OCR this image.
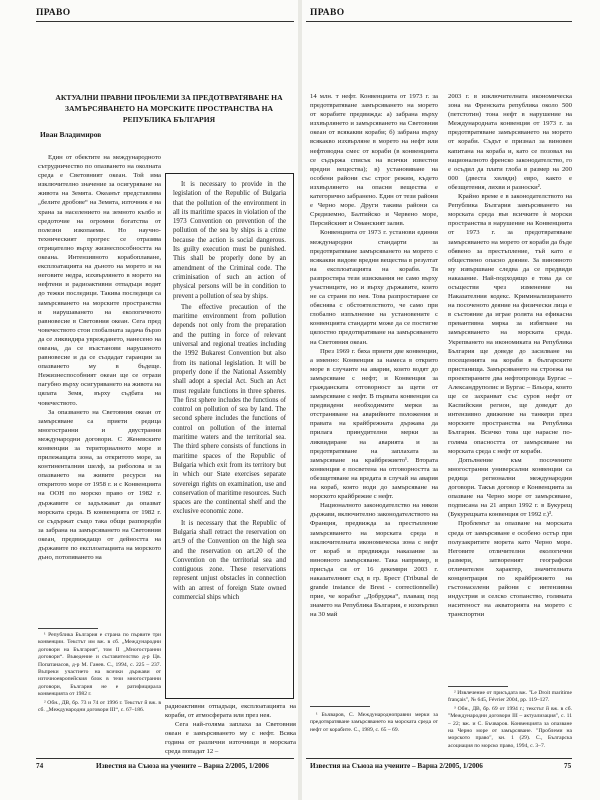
ПРАВО
АКТУАЛНИ ПРАВНИ ПРОБЛЕМИ ЗА ПРЕДОТВРАТЯВАНЕ НА ЗАМЪРСЯВАНЕТО НА МОРСКИТЕ ПРОСТРАНСТВА НА РЕПУБЛИКА БЪЛГАРИЯ
Иван Владимиров

Един от обектите на международното сътрудничество по опазването на околната среда е Световният океан. Той има изключително значение за осигуряване на живота на Земята. Океанът представлява „белите дробове“ на Земята, източник е на храна за населението на земното кълбо и средоточие на огромни богатства от полезни изкопаеми. Но научно-техническият прогрес се отразява отрицателно върху жизнеспособността на океана. Интензивното корабоплаване, експлоатацията на дъното на морето и на неговите недра, изхвърлянето в морето на нефтени и радиоактивни отпадъци водят до тежки последици. Такива последици са замърсяването на морските пространства и нарушаването на екологичното равновесие в Световния океан. Сега пред човечеството стои глобалната задача бързо да се ликвидира увреждането, нанесено на океана, да се възстанови нарушеното равновесие и да се създадат гаранции за опазването му в бъдеще. Нежизнеспособният океан ще се отрази пагубно върху осигуряването на живота на цялата Земя, върху съдбата на човечеството.

За опазването на Световния океан от замърсяване са приети редица многостранни и двустранни международни договори. С Женевските конвенции за териториалното море и прилежащата зона, за откритото море, за континенталния шелф, за риболова и за опазването на живите ресурси на откритото море от 1958 г. и с Конвенцията на ООН по морско право от 1982 г. държавите се задължават да опазват морската среда. В конвенцията от 1982 г. се съдържат също така общи разпоредби за забрана на замърсяването на Световния океан, предвиждащо от дейността на държавите по експлоатацията на морското дъно, потопяването на

It is necessary to provide in the legislation of the Republic of Bulgaria that the pollution of the environment in all its maritime spaces in violation of the 1973 Convention on prevention of the pollution of the sea by ships is a crime because the action is social dangerous. Its guilty execution must be punished. This shall be properly done by an amendment of the Criminal code. The criminisation of such an action of physical persons will be in condition to prevent a pollution of sea by ships.

The effective precaution of the maritime environment from pollution depends not only from the preparation and the putting in force of relevant universal and regional treaties including the 1992 Bukarest Convention but also from its national legislation. It will be properly done if the National Assembly shall adopt a special Act. Such an Act must regulate functions in three spheres. The first sphere includes the functions of control on pollution of sea by land. The second sphere includes the functions of control on pollution of the internal maritime waters and the territorial sea. The third sphere consists of functions in maritime spaces of the Republic of Bulgaria which exit from its territory but in which our State exercises separate sovereign rights on examination, use and conservation of maritime resources. Such spaces are the continental shelf and the exclusive economic zone.

It is necessary that the Republic of Bulgaria shall retract the reservation on art.9 of the Convention on the high sea and the reservation on art.20 of the Convention on the territorial sea and contiguous zone. These reservations represent unjust obstacles in connection with an arrest of foreign State owned commercial ships which

радиоактивни отпадъци, експлоатацията на кораби, от атмосферата или през нея.

Сега най-голяма заплаха за Световния океан е замърсяването му с нефт. Всяка година от различни източници в морската среда попадат 12 –

¹ Република България е страна по първите три конвенции. Текстът им вж. в сб. „Международни договори на България“, том II „Многостранни договори“. Въведение и съставителство д-р Цв. Попатанасов, д-р М. Ганев. С., 1994, с. 225 – 237. Въпреки участието на всички държави от източноевропейския блок в тези многостранни договори, България не е ратифицирала конвенцията от 1982 г.

² Обн., ДВ, бр. 73 и 74 от 1996 г. Текстът й вж. в сб. „Международни договори III“, с. 67–186.

74	Известия на Съюза на учените – Варна 2/2005, 1/2006
ПРАВО

14 млн. т нефт. Конвенцията от 1973 г. за предотвратяване замърсяването на морето от корабите предвижда: а) забрана върху изхвърлянето и замърсяването на Световния океан от всякакви кораби; б) забрана върху всякакво изхвърляне в морето на нефт или нефтоводна смес от кораби (в конвенцията се съдържа списък на всички известни вредни вещества); в) установяване на особени райони със строг режим, където изхвърлянето на опасни вещества е категорично забранено. Един от тези райони е Черно море. Други такива райони са Средиземно, Балтийско и Червено море, Персийският и Оманският залив.

Конвенцията от 1973 г. установи единни международни стандарти за предотвратяване замърсяването на морето с всякакви видове вредни вещества в резултат на експлоатацията на кораби. Тя разпростира тези изисквания не само върху участниците, но и върху държавите, които не са страни по нея. Това разпростиране се обяснява с обстоятелството, че само при глобално изпълнение на установените с конвенцията стандарти може да се постигне цялостно предотвратяване на замърсяването на Световния океан.

През 1969 г. бяха приети две конвенции, а именно: Конвенция за намеса в открито море в случаите на аварии, които водят до замърсяване с нефт; и Конвенция за гражданската отговорност за щети от замърсяване с нефт. В първата конвенция са предвидени необходимите мерки за отстраняване на аварийните положения и правата на крайбрежната държава да прилага принудителни мерки за ликвидиране на аварията и за предотвратяване на заплахата за замърсяване на крайбрежието¹. Втората конвенция е посветена на отговорността за обезщетяване на вредата в случай на авария на кораб, която води до замърсяване на морското крайбрежие с нефт.

Националното законодателство на някои държави, включително законодателството на Франция, предвижда за престъпление замърсяването на морската среда в изключителната икономическа зона с нефт от кораб и предвижда наказание за виновното замърсяване. Така например, в присъда си от 16 декември 2003 г. наказателният съд в гр. Брест (Tribunal de grande instance de Brest - correctionnelle) прие, че корабът „Добруджа“, плаващ под знамето на Република България, е изхвърлил на 30 май

2003 г. в изключителната икономическа зона на Френската република около 500 (петстотин) тона нефт в нарушение на Международната конвенция от 1973 г. за предотвратяване замърсяването на морето от кораби. Съдът е признал за виновен капитана на кораба и, като се позовал на националното френско законодателство, го е осъдил да плати глоба в размер на 200 000 (двеста хиляди) евро, както е обезщетения, лихви и разноски².

Крайно време е в законодателството на Република България замърсяването на морската среда във всичките ѝ морски пространства в нарушение на Конвенцията от 1973 г. за предотвратяване замърсяването на морето от кораби да бъде обявено за престъпление, тъй като е обществено опасно деяние. За виновното му извършване следва да се предвиди наказание. Най-подходящо е това да се осъществи чрез изменение на Наказателния кодекс. Криминализирането на посоченото деяние на физически лица е в състояние да играе ролята на ефикасна превантивна мярка за избягване на замърсяването на морската среда. Укрепването на икономиката на Република България ще доведе до засилване на посещенията на кораби в българските пристанища. Замърсяването на строежа на проектираните два нефтопровода Бургас – Александруполис и Бургас – Вльора, които ще се захранват със суров нефт от Каспийския регион, ще доведат до интензивно движение на танкери през морските пространства на Република България. Всичко това ще нарасне по-голяма опасността от замърсяване на морската среда с нефт от кораби.

Допълнение към посочените многостранни универсални конвенции са редица регионални международни договори. Такъв договор е Конвенцията за опазване на Черно море от замърсяване, подписана на 21 април 1992 г. в Букурещ (Букурещката конвенция от 1992 г.)³.

Проблемът за опазване на морската среда от замърсяване е особено остър при полузакритите морета като Черно море. Неговите отличителни екологични размери, затвореният географски отличителен характер, значителната концентрация по крайбрежието на гъстонаселени райони с интензивна индустрия и селско стопанство, голямата наситеност на акваторията на морето с транспортни

¹ Бъчваров, С. Международноправни мерки за предотвратяване замърсяването на морската среда от нефт от корабите. С., 1989, с. 65 – 69.

² Извлечение от присъдата вж. "Le Droit maritime français", № 645, Février 2004, pp. 119–127.

³ Обн., ДВ, бр. 69 от 1994 г.; текстът й вж. в сб. "Международни договори III – актуализация", с. 11 – 22; вж. и С. Бъчваров. Конвенцията за опазване на Черно море от замърсяване. "Проблеми на морското право", кн. 1 (29). С., Българска асоциация по морско право, 1994, с. 3–7.

Известия на Съюза на учените – Варна 2/2005, 1/2006	75
